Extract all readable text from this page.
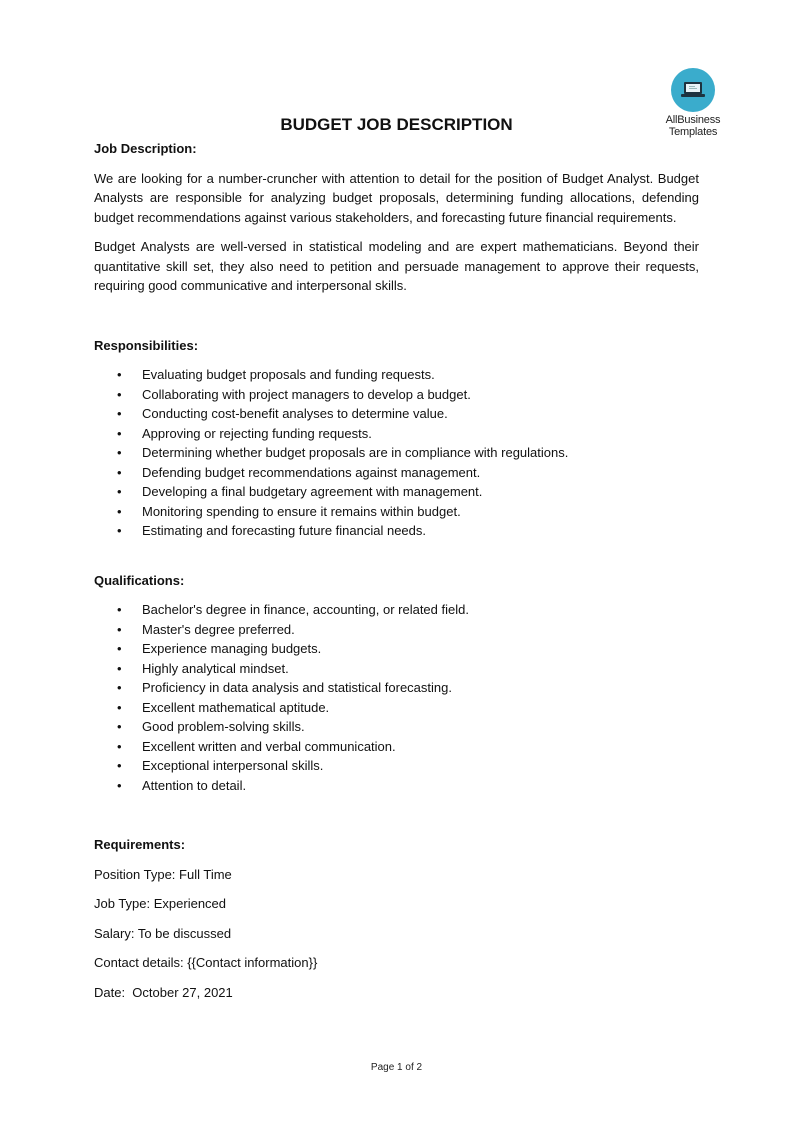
AllBusiness
Templates
BUDGET JOB DESCRIPTION
Job Description:

We are looking for a number-cruncher with attention to detail for the position of Budget Analyst. Budget Analysts are responsible for analyzing budget proposals, determining funding allocations, defending budget recommendations against various stakeholders, and forecasting future financial requirements.

Budget Analysts are well-versed in statistical modeling and are expert mathematicians. Beyond their quantitative skill set, they also need to petition and persuade management to approve their requests, requiring good communicative and interpersonal skills.

Responsibilities:
• Evaluating budget proposals and funding requests.
• Collaborating with project managers to develop a budget.
• Conducting cost-benefit analyses to determine value.
• Approving or rejecting funding requests.
• Determining whether budget proposals are in compliance with regulations.
• Defending budget recommendations against management.
• Developing a final budgetary agreement with management.
• Monitoring spending to ensure it remains within budget.
• Estimating and forecasting future financial needs.
Qualifications:
• Bachelor's degree in finance, accounting, or related field.
• Master's degree preferred.
• Experience managing budgets.
• Highly analytical mindset.
• Proficiency in data analysis and statistical forecasting.
• Excellent mathematical aptitude.
• Good problem-solving skills.
• Excellent written and verbal communication.
• Exceptional interpersonal skills.
• Attention to detail.
Requirements:
Position Type: Full Time
Job Type: Experienced
Salary: To be discussed
Contact details: {{Contact information}}
Date:  October 27, 2021
Page 1 of 2
